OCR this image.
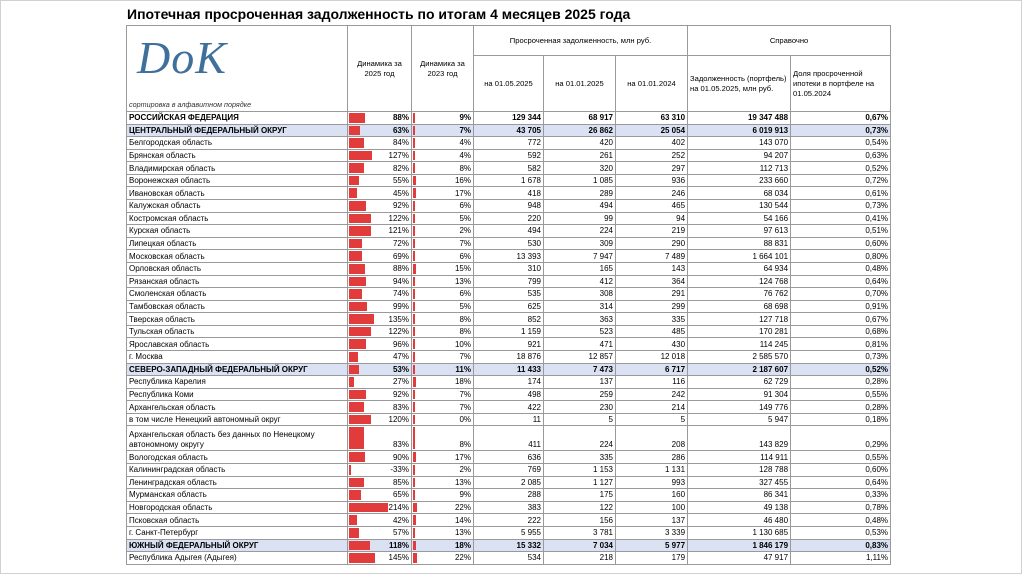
Ипотечная просроченная задолженность по итогам 4 месяцев 2025 года
DoK
сортировка в алфавитном порядке	Динамика за 2025 год	Динамика за 2023 год	Просроченная задолженность, млн руб.			Справочно	
			на 01.05.2025	на 01.01.2025	на 01.01.2024	Задолженность (портфель) на 01.05.2025, млн руб.	Доля просроченной ипотеки в портфеле на 01.05.2024
РОССИЙСКАЯ ФЕДЕРАЦИЯ	88%	9%	129 344	68 917	63 310	19 347 488	0,67%
ЦЕНТРАЛЬНЫЙ ФЕДЕРАЛЬНЫЙ ОКРУГ	63%	7%	43 705	26 862	25 054	6 019 913	0,73%
Белгородская область	84%	4%	772	420	402	143 070	0,54%
Брянская область	127%	4%	592	261	252	94 207	0,63%
Владимирская область	82%	8%	582	320	297	112 713	0,52%
Воронежская область	55%	16%	1 678	1 085	936	233 660	0,72%
Ивановская область	45%	17%	418	289	246	68 034	0,61%
Калужская область	92%	6%	948	494	465	130 544	0,73%
Костромская область	122%	5%	220	99	94	54 166	0,41%
Курская область	121%	2%	494	224	219	97 613	0,51%
Липецкая область	72%	7%	530	309	290	88 831	0,60%
Московская область	69%	6%	13 393	7 947	7 489	1 664 101	0,80%
Орловская область	88%	15%	310	165	143	64 934	0,48%
Рязанская область	94%	13%	799	412	364	124 768	0,64%
Смоленская область	74%	6%	535	308	291	76 762	0,70%
Тамбовская область	99%	5%	625	314	299	68 698	0,91%
Тверская область	135%	8%	852	363	335	127 718	0,67%
Тульская область	122%	8%	1 159	523	485	170 281	0,68%
Ярославская область	96%	10%	921	471	430	114 245	0,81%
г. Москва	47%	7%	18 876	12 857	12 018	2 585 570	0,73%
СЕВЕРО-ЗАПАДНЫЙ ФЕДЕРАЛЬНЫЙ ОКРУГ	53%	11%	11 433	7 473	6 717	2 187 607	0,52%
Республика Карелия	27%	18%	174	137	116	62 729	0,28%
Республика Коми	92%	7%	498	259	242	91 304	0,55%
Архангельская область	83%	7%	422	230	214	149 776	0,28%
в том числе Ненецкий автономный округ	120%	0%	11	5	5	5 947	0,18%
Архангельская область без данных по Ненецкому автономному округу	83%	8%	411	224	208	143 829	0,29%
Вологодская область	90%	17%	636	335	286	114 911	0,55%
Калининградская область	-33%	2%	769	1 153	1 131	128 788	0,60%
Ленинградская область	85%	13%	2 085	1 127	993	327 455	0,64%
Мурманская область	65%	9%	288	175	160	86 341	0,33%
Новгородская область	214%	22%	383	122	100	49 138	0,78%
Псковская область	42%	14%	222	156	137	46 480	0,48%
г. Санкт-Петербург	57%	13%	5 955	3 781	3 339	1 130 685	0,53%
ЮЖНЫЙ ФЕДЕРАЛЬНЫЙ ОКРУГ	118%	18%	15 332	7 034	5 977	1 846 179	0,83%
Республика Адыгея (Адыгея)	145%	22%	534	218	179	47 917	1,11%
